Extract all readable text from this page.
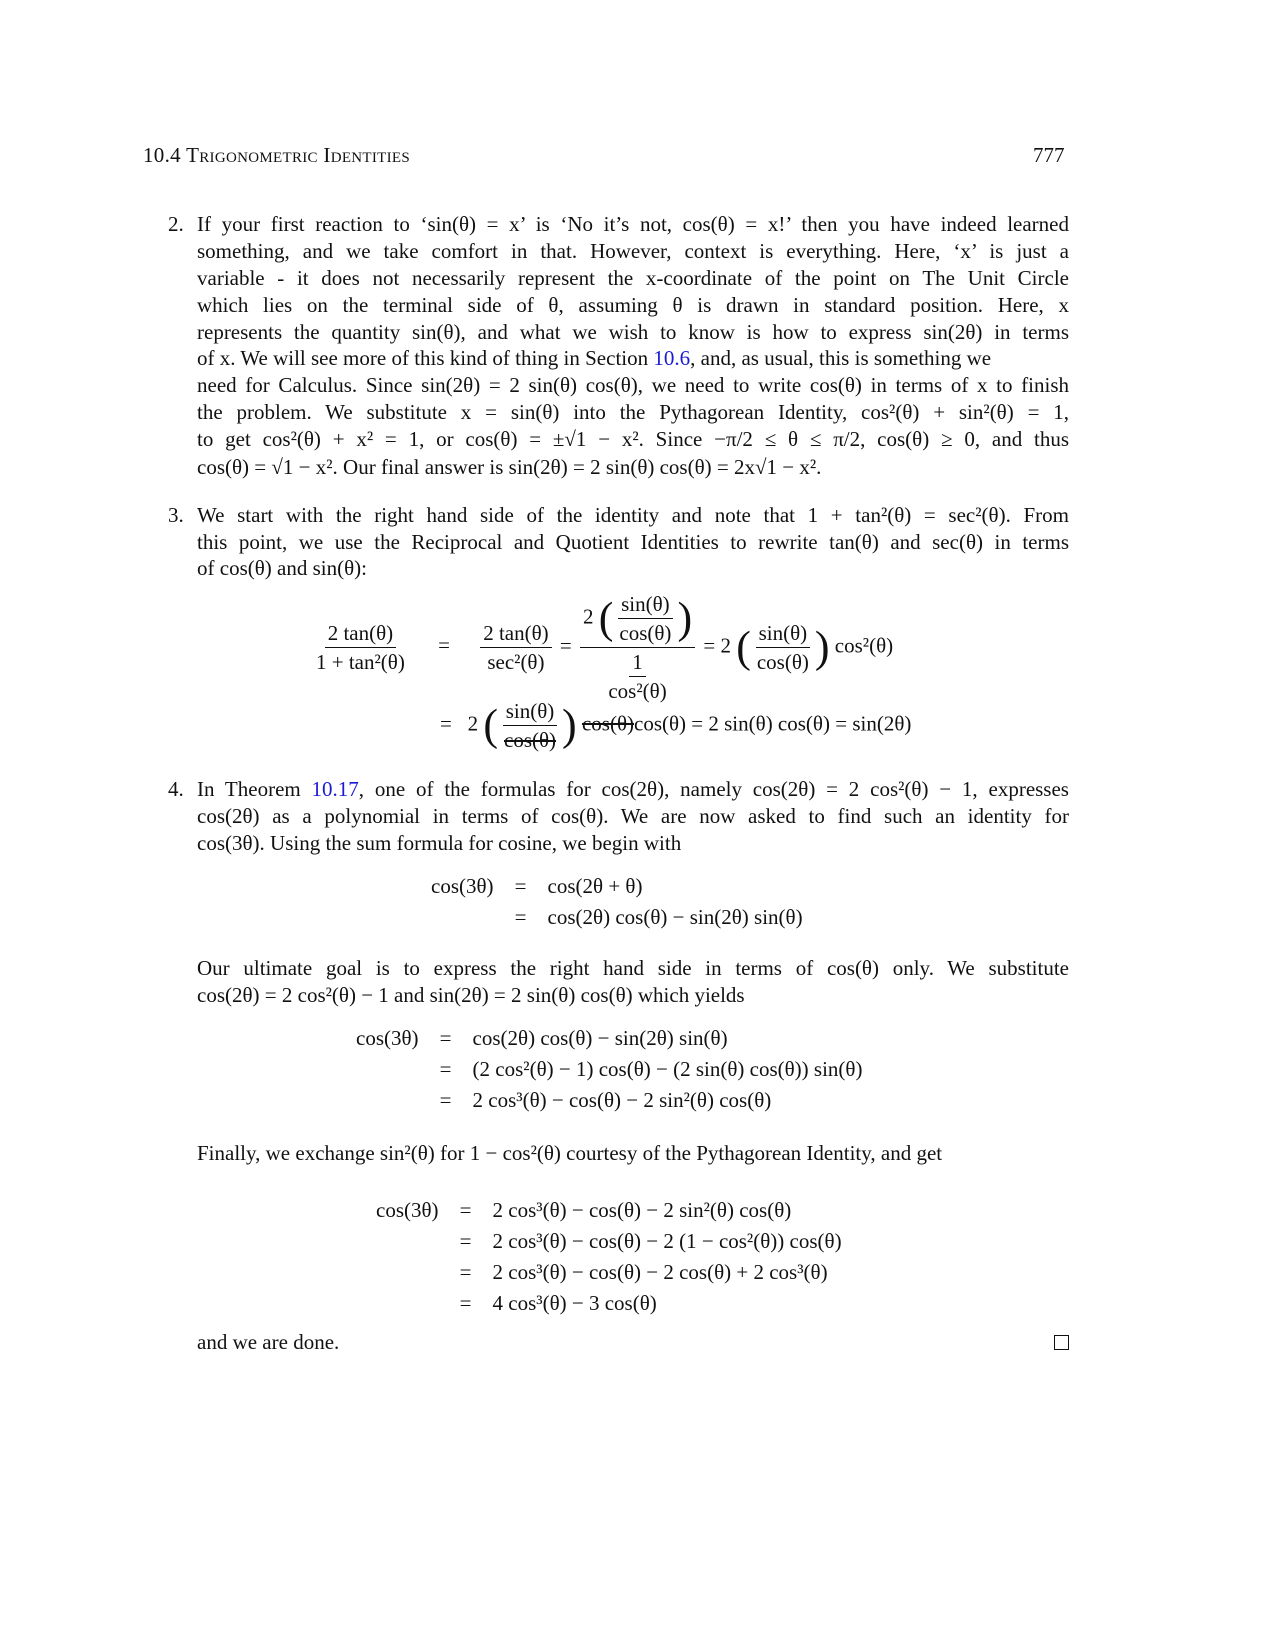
10.4 Trigonometric Identities	777
2. If your first reaction to ‘sin(θ) = x’ is ‘No it’s not, cos(θ) = x!’ then you have indeed learned
something, and we take comfort in that. However, context is everything. Here, ‘x’ is just a
variable - it does not necessarily represent the x-coordinate of the point on The Unit Circle
which lies on the terminal side of θ, assuming θ is drawn in standard position. Here, x
represents the quantity sin(θ), and what we wish to know is how to express sin(2θ) in terms
of x. We will see more of this kind of thing in Section 10.6, and, as usual, this is something we
need for Calculus. Since sin(2θ) = 2 sin(θ) cos(θ), we need to write cos(θ) in terms of x to finish
the problem. We substitute x = sin(θ) into the Pythagorean Identity, cos²(θ) + sin²(θ) = 1,
to get cos²(θ) + x² = 1, or cos(θ) = ±√1 − x². Since −π/2 ≤ θ ≤ π/2, cos(θ) ≥ 0, and thus
cos(θ) = √1 − x². Our final answer is sin(2θ) = 2 sin(θ) cos(θ) = 2x√1 − x².
3. We start with the right hand side of the identity and note that 1 + tan²(θ) = sec²(θ). From
this point, we use the Reciprocal and Quotient Identities to rewrite tan(θ) and sec(θ) in terms
of cos(θ) and sin(θ):
$\frac{2 \tan(\theta)}{\text{1 + tan²(θ)}} = \frac{2 \tan(\theta)}{\text{sec²(θ)}} = \frac{2 ( \frac{\sin(\theta)}{\cos(\theta)} )}{\frac{1}{\text{cos²(θ)}}} = 2$ ( $\frac{\sin(\theta)}{\cos(\theta)}$ ) cos²(θ)
= 2 ( $\frac{\sin(\theta)}{\cos(\theta)}$ ) cos(θ)cos(θ) = 2 sin(θ) cos(θ) = sin(2θ)
4. In Theorem 10.17, one of the formulas for cos(2θ), namely cos(2θ) = 2 cos²(θ) − 1, expresses
cos(2θ) as a polynomial in terms of cos(θ). We are now asked to find such an identity for
cos(3θ). Using the sum formula for cosine, we begin with
cos(3θ)	=	cos(2θ + θ)
	=	cos(2θ) cos(θ) − sin(2θ) sin(θ)
Our ultimate goal is to express the right hand side in terms of cos(θ) only. We substitute
cos(2θ) = 2 cos²(θ) − 1 and sin(2θ) = 2 sin(θ) cos(θ) which yields
cos(3θ)	=	cos(2θ) cos(θ) − sin(2θ) sin(θ)
	=	(2 cos²(θ) − 1) cos(θ) − (2 sin(θ) cos(θ)) sin(θ)
	=	2 cos³(θ) − cos(θ) − 2 sin²(θ) cos(θ)
Finally, we exchange sin²(θ) for 1 − cos²(θ) courtesy of the Pythagorean Identity, and get
cos(3θ)	=	2 cos³(θ) − cos(θ) − 2 sin²(θ) cos(θ)
	=	2 cos³(θ) − cos(θ) − 2 (1 − cos²(θ)) cos(θ)
	=	2 cos³(θ) − cos(θ) − 2 cos(θ) + 2 cos³(θ)
	=	4 cos³(θ) − 3 cos(θ)
and we are done.
